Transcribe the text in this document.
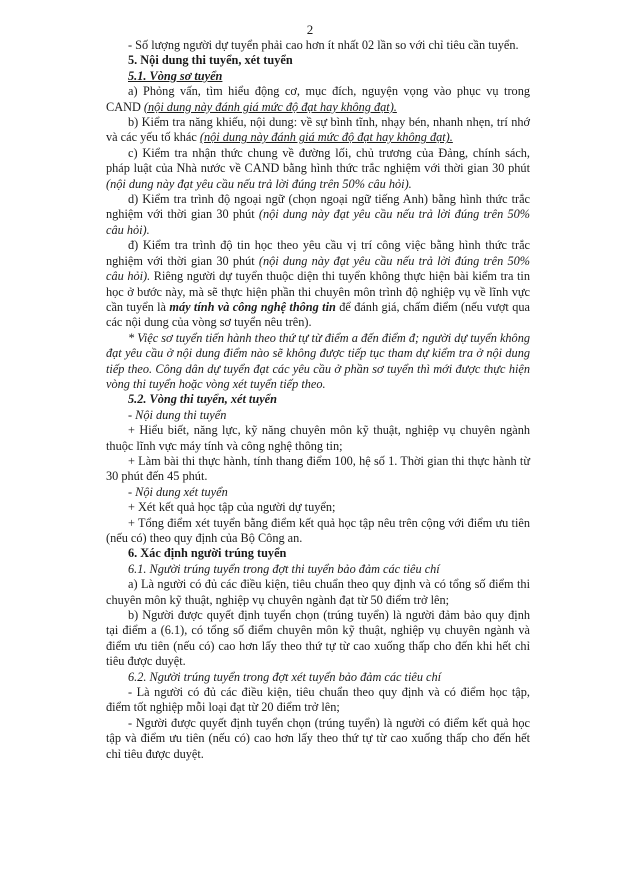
2

- Số lượng người dự tuyển phải cao hơn ít nhất 02 lần so với chỉ tiêu cần tuyển.

5. Nội dung thi tuyển, xét tuyển

5.1. Vòng sơ tuyển

a) Phỏng vấn, tìm hiểu động cơ, mục đích, nguyện vọng vào phục vụ trong CAND (nội dung này đánh giá mức độ đạt hay không đạt).

b) Kiểm tra năng khiếu, nội dung: về sự bình tĩnh, nhạy bén, nhanh nhẹn, trí nhớ và các yếu tố khác (nội dung này đánh giá mức độ đạt hay không đạt).

c) Kiểm tra nhận thức chung về đường lối, chủ trương của Đảng, chính sách, pháp luật của Nhà nước về CAND bằng hình thức trắc nghiệm với thời gian 30 phút (nội dung này đạt yêu cầu nếu trả lời đúng trên 50% câu hỏi).

d) Kiểm tra trình độ ngoại ngữ (chọn ngoại ngữ tiếng Anh) bằng hình thức trắc nghiệm với thời gian 30 phút (nội dung này đạt yêu cầu nếu trả lời đúng trên 50% câu hỏi).

đ) Kiểm tra trình độ tin học theo yêu cầu vị trí công việc bằng hình thức trắc nghiệm với thời gian 30 phút (nội dung này đạt yêu cầu nếu trả lời đúng trên 50% câu hỏi). Riêng người dự tuyển thuộc diện thi tuyển không thực hiện bài kiểm tra tin học ở bước này, mà sẽ thực hiện phần thi chuyên môn trình độ nghiệp vụ về lĩnh vực cần tuyển là máy tính và công nghệ thông tin để đánh giá, chấm điểm (nếu vượt qua các nội dung của vòng sơ tuyển nêu trên).

* Việc sơ tuyển tiến hành theo thứ tự từ điểm a đến điểm đ; người dự tuyển không đạt yêu cầu ở nội dung điểm nào sẽ không được tiếp tục tham dự kiểm tra ở nội dung tiếp theo. Công dân dự tuyển đạt các yêu cầu ở phần sơ tuyển thì mới được thực hiện vòng thi tuyển hoặc vòng xét tuyển tiếp theo.

5.2. Vòng thi tuyển, xét tuyển

- Nội dung thi tuyển

+ Hiểu biết, năng lực, kỹ năng chuyên môn kỹ thuật, nghiệp vụ chuyên ngành thuộc lĩnh vực máy tính và công nghệ thông tin;

+ Làm bài thi thực hành, tính thang điểm 100, hệ số 1. Thời gian thi thực hành từ 30 phút đến 45 phút.

- Nội dung xét tuyển

+ Xét kết quả học tập của người dự tuyển;

+ Tổng điểm xét tuyển bằng điểm kết quả học tập nêu trên cộng với điểm ưu tiên (nếu có) theo quy định của Bộ Công an.

6. Xác định người trúng tuyển

6.1. Người trúng tuyển trong đợt thi tuyển bảo đảm các tiêu chí

a) Là người có đủ các điều kiện, tiêu chuẩn theo quy định và có tổng số điểm thi chuyên môn kỹ thuật, nghiệp vụ chuyên ngành đạt từ 50 điểm trở lên;

b) Người được quyết định tuyển chọn (trúng tuyển) là người đảm bảo quy định tại điểm a (6.1), có tổng số điểm chuyên môn kỹ thuật, nghiệp vụ chuyên ngành và điểm ưu tiên (nếu có) cao hơn lấy theo thứ tự từ cao xuống thấp cho đến khi hết chỉ tiêu được duyệt.

6.2. Người trúng tuyển trong đợt xét tuyển bảo đảm các tiêu chí

- Là người có đủ các điều kiện, tiêu chuẩn theo quy định và có điểm học tập, điểm tốt nghiệp mỗi loại đạt từ 20 điểm trở lên;

- Người được quyết định tuyển chọn (trúng tuyển) là người có điểm kết quả học tập và điểm ưu tiên (nếu có) cao hơn lấy theo thứ tự từ cao xuống thấp cho đến hết chỉ tiêu được duyệt.
